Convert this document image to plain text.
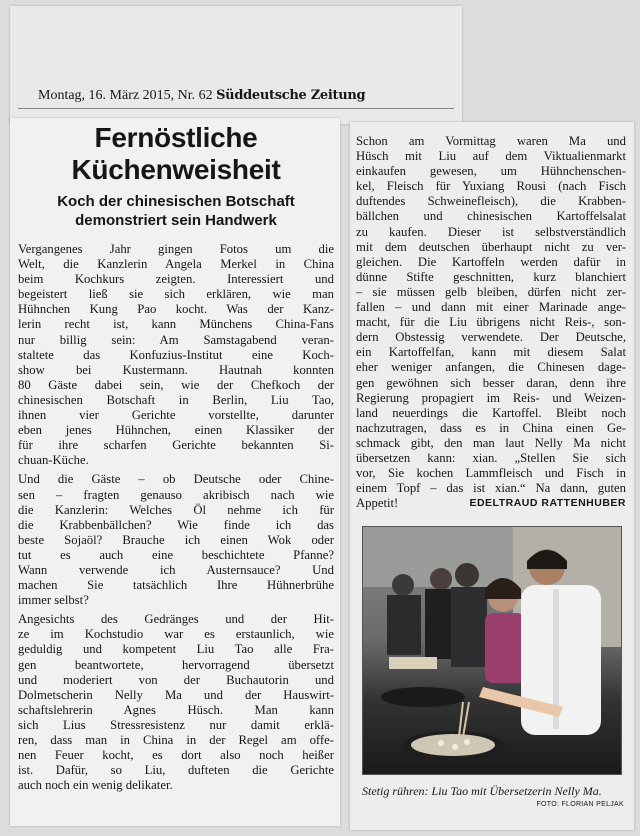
Montag, 16. März 2015, Nr. 62 Süddeutsche Zeitung
Fernöstliche
Küchenweisheit
Koch der chinesischen Botschaft
demonstriert sein Handwerk
Vergangenes Jahr gingen Fotos um die
Welt, die Kanzlerin Angela Merkel in China
beim Kochkurs zeigten. Interessiert und
begeistert ließ sie sich erklären, wie man
Hühnchen Kung Pao kocht. Was der Kanz-
lerin recht ist, kann Münchens China-Fans
nur billig sein: Am Samstagabend veran-
staltete das Konfuzius-Institut eine Koch-
show bei Kustermann. Hautnah konnten
80 Gäste dabei sein, wie der Chefkoch der
chinesischen Botschaft in Berlin, Liu Tao,
ihnen vier Gerichte vorstellte, darunter
eben jenes Hühnchen, einen Klassiker der
für ihre scharfen Gerichte bekannten Si-
chuan-Küche.
Und die Gäste – ob Deutsche oder Chine-
sen – fragten genauso akribisch nach wie
die Kanzlerin: Welches Öl nehme ich für
die Krabbenbällchen? Wie finde ich das
beste Sojaöl? Brauche ich einen Wok oder
tut es auch eine beschichtete Pfanne?
Wann verwende ich Austernsauce? Und
machen Sie tatsächlich Ihre Hühnerbrühe
immer selbst?
Angesichts des Gedränges und der Hit-
ze im Kochstudio war es erstaunlich, wie
geduldig und kompetent Liu Tao alle Fra-
gen beantwortete, hervorragend übersetzt
und moderiert von der Buchautorin und
Dolmetscherin Nelly Ma und der Hauswirt-
schaftslehrerin Agnes Hüsch. Man kann
sich Lius Stressresistenz nur damit erklä-
ren, dass man in China in der Regel am offe-
nen Feuer kocht, es dort also noch heißer
ist. Dafür, so Liu, dufteten die Gerichte
auch noch ein wenig delikater.
Schon am Vormittag waren Ma und
Hüsch mit Liu auf dem Viktualienmarkt
einkaufen gewesen, um Hühnchenschen-
kel, Fleisch für Yuxiang Rousi (nach Fisch
duftendes Schweinefleisch), die Krabben-
bällchen und chinesischen Kartoffelsalat
zu kaufen. Dieser ist selbstverständlich
mit dem deutschen überhaupt nicht zu ver-
gleichen. Die Kartoffeln werden dafür in
dünne Stifte geschnitten, kurz blanchiert
– sie müssen gelb bleiben, dürfen nicht zer-
fallen – und dann mit einer Marinade ange-
macht, für die Liu übrigens nicht Reis-, son-
dern Obstessig verwendete. Der Deutsche,
ein Kartoffelfan, kann mit diesem Salat
eher weniger anfangen, die Chinesen dage-
gen gewöhnen sich besser daran, denn ihre
Regierung propagiert im Reis- und Weizen-
land neuerdings die Kartoffel. Bleibt noch
nachzutragen, dass es in China einen Ge-
schmack gibt, den man laut Nelly Ma nicht
übersetzen kann: xian. „Stellen Sie sich
vor, Sie kochen Lammfleisch und Fisch in
einem Topf – das ist xian.“ Na dann, guten
Appetit!	EDELTRAUD RATTENHUBER
Stetig rühren: Liu Tao mit Übersetzerin Nelly Ma.
FOTO: FLORIAN PELJAK
